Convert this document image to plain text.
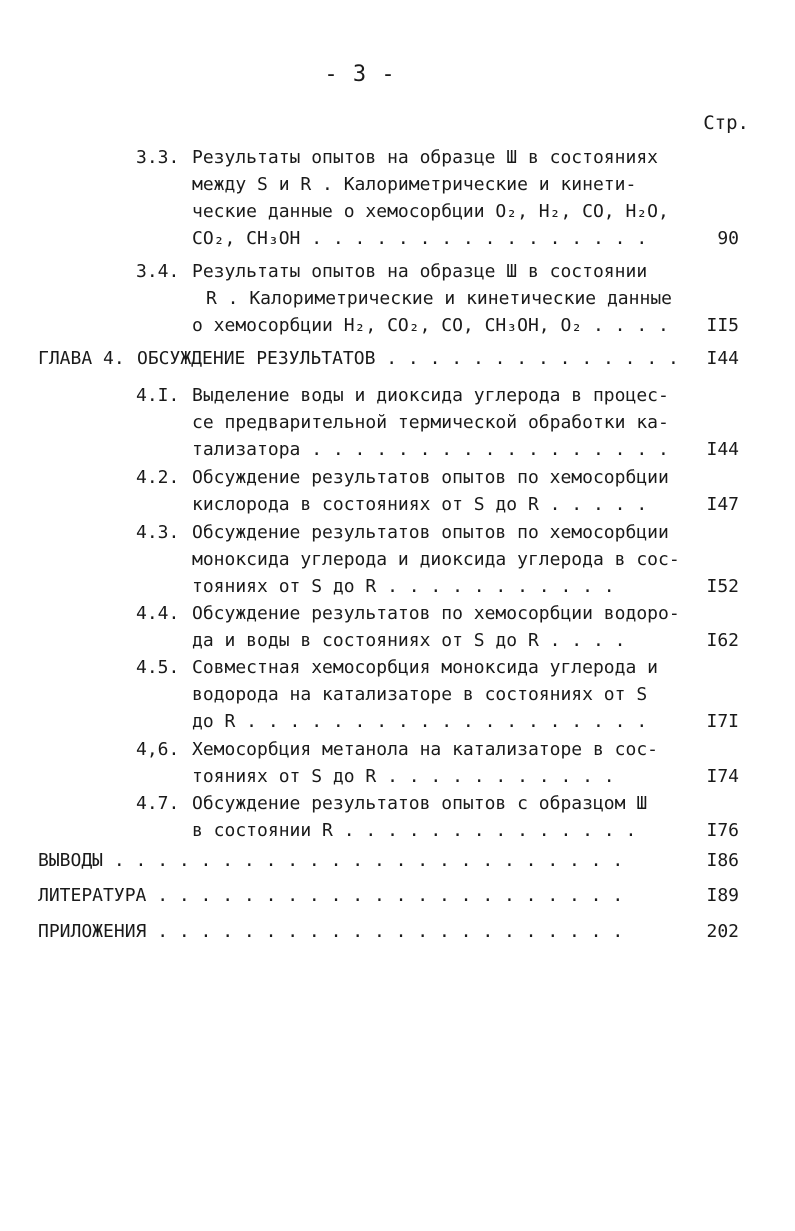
- 3 -
Стр.
3.3. Результаты опытов на образце Ш в состояниях
между S и R . Калориметрические и кинети-
ческие данные о хемосорбции O₂, H₂, CO, H₂O,
CO₂, CH₃OH . . . . . . . . . . . . . . . .	90
3.4. Результаты опытов на образце Ш в состоянии
R . Калориметрические и кинетические данные
о хемосорбции H₂, CO₂, CO, CH₃OH, O₂ . . . . II5
ГЛАВА 4. ОБСУЖДЕНИЕ РЕЗУЛЬТАТОВ . . . . . . . . . . . . . . I44
4.I. Выделение воды и диоксида углерода в процес-
се предварительной термической обработки ка-
тализатора . . . . . . . . . . . . . . . . . I44
4.2. Обсуждение результатов опытов по хемосорбции
кислорода в состояниях от S до R . . . . .	I47
4.3. Обсуждение результатов опытов по хемосорбции
моноксида углерода и диоксида углерода в сос-
тояниях от S до R . . . . . . . . . . .	I52
4.4. Обсуждение результатов по хемосорбции водоро-
да и воды в состояниях от S до R . . . .	I62
4.5. Совместная хемосорбция моноксида углерода и
водорода на катализаторе в состояниях от S
до R . . . . . . . . . . . . . . . . . . .	I7I
4,6. Хемосорбция метанола на катализаторе в сос-
тояниях от S до R . . . . . . . . . . .	I74
4.7. Обсуждение результатов опытов с образцом Ш
в состоянии R . . . . . . . . . . . . . .	I76
ВЫВОДЫ . . . . . . . . . . . . . . . . . . . . . . . .	I86
ЛИТЕРАТУРА . . . . . . . . . . . . . . . . . . . . . .	I89
ПРИЛОЖЕНИЯ . . . . . . . . . . . . . . . . . . . . . .	202
